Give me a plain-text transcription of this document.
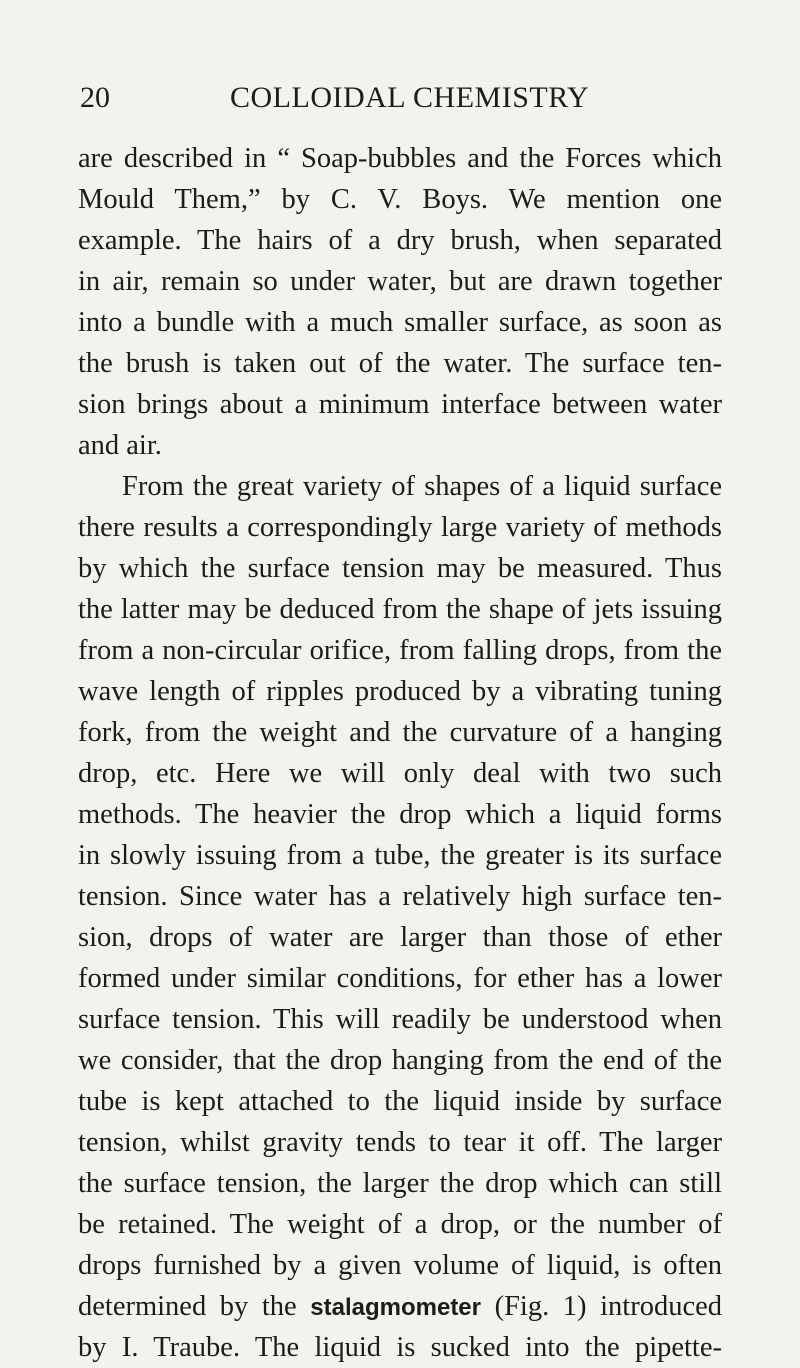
20	COLLOIDAL CHEMISTRY
are described in “ Soap-bubbles and the Forces which
Mould Them,” by C. V. Boys. We mention one
example. The hairs of a dry brush, when separated
in air, remain so under water, but are drawn together
into a bundle with a much smaller surface, as soon as
the brush is taken out of the water. The surface ten-
sion brings about a minimum interface between water
and air.
From the great variety of shapes of a liquid surface
there results a correspondingly large variety of methods
by which the surface tension may be measured. Thus
the latter may be deduced from the shape of jets issuing
from a non-circular orifice, from falling drops, from the
wave length of ripples produced by a vibrating tuning
fork, from the weight and the curvature of a hanging
drop, etc. Here we will only deal with two such
methods. The heavier the drop which a liquid forms
in slowly issuing from a tube, the greater is its surface
tension. Since water has a relatively high surface ten-
sion, drops of water are larger than those of ether
formed under similar conditions, for ether has a lower
surface tension. This will readily be understood when
we consider, that the drop hanging from the end of the
tube is kept attached to the liquid inside by surface
tension, whilst gravity tends to tear it off. The larger
the surface tension, the larger the drop which can still
be retained. The weight of a drop, or the number of
drops furnished by a given volume of liquid, is often
determined by the stalagmometer (Fig. 1) introduced
by I. Traube. The liquid is sucked into the pipette-
